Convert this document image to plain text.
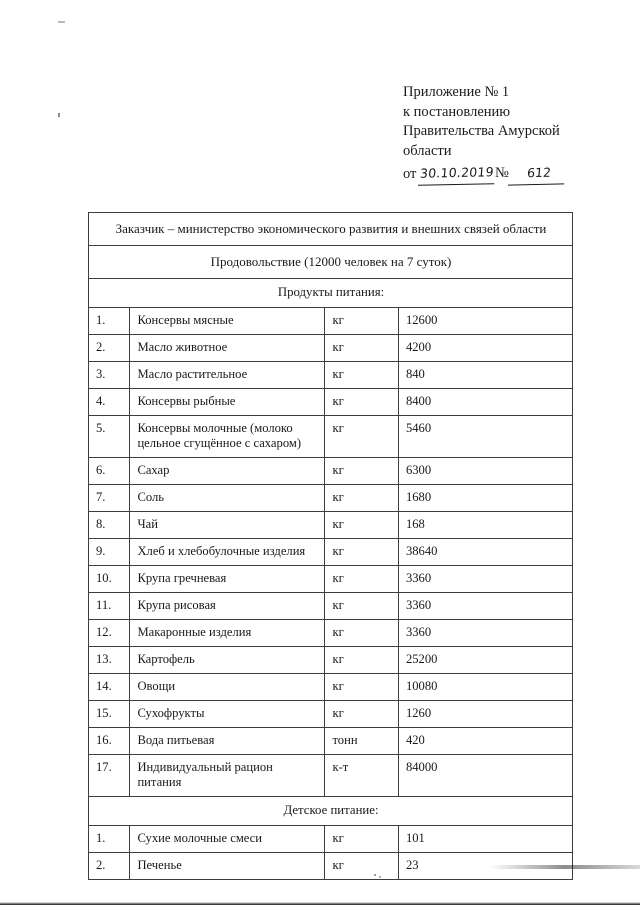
Приложение № 1
к постановлению
Правительства Амурской
области
от 30.10.2019 №	612
Заказчик – министерство экономического развития и внешних связей области			
Продовольствие (12000 человек на 7 суток)			
Продукты питания:			
1.	Консервы мясные	кг	12600
2.	Масло животное	кг	4200
3.	Масло растительное	кг	840
4.	Консервы рыбные	кг	8400
5.	Консервы молочные (молоко цельное сгущённое с сахаром)	кг	5460
6.	Сахар	кг	6300
7.	Соль	кг	1680
8.	Чай	кг	168
9.	Хлеб и хлебобулочные изделия	кг	38640
10.	Крупа гречневая	кг	3360
11.	Крупа рисовая	кг	3360
12.	Макаронные изделия	кг	3360
13.	Картофель	кг	25200
14.	Овощи	кг	10080
15.	Сухофрукты	кг	1260
16.	Вода питьевая	тонн	420
17.	Индивидуальный рацион питания	к-т	84000
Детское питание:			
1.	Сухие молочные смеси	кг	101
2.	Печенье	кг	23
